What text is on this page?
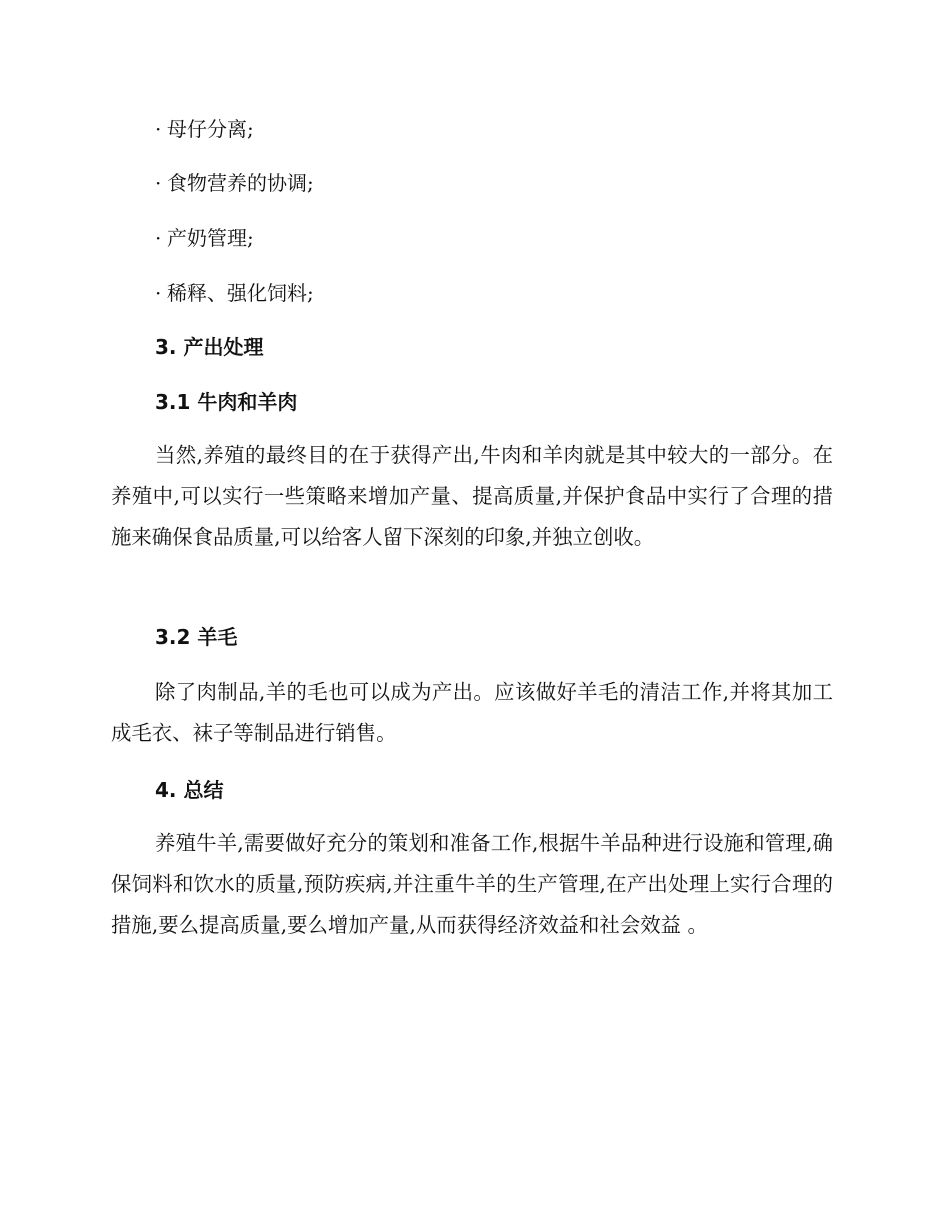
· 母仔分离;
· 食物营养的协调;
· 产奶管理;
· 稀释、强化饲料;
3. 产出处理
3.1 牛肉和羊肉

当然,养殖的最终目的在于获得产出,牛肉和羊肉就是其中较大的一部分。在养殖中,可以实行一些策略来增加产量、提高质量,并保护食品中实行了合理的措施来确保食品质量,可以给客人留下深刻的印象,并独立创收。

3.2 羊毛

除了肉制品,羊的毛也可以成为产出。应该做好羊毛的清洁工作,并将其加工成毛衣、袜子等制品进行销售。

4. 总结

养殖牛羊,需要做好充分的策划和准备工作,根据牛羊品种进行设施和管理,确保饲料和饮水的质量,预防疾病,并注重牛羊的生产管理,在产出处理上实行合理的措施,要么提高质量,要么增加产量,从而获得经济效益和社会效益 。
